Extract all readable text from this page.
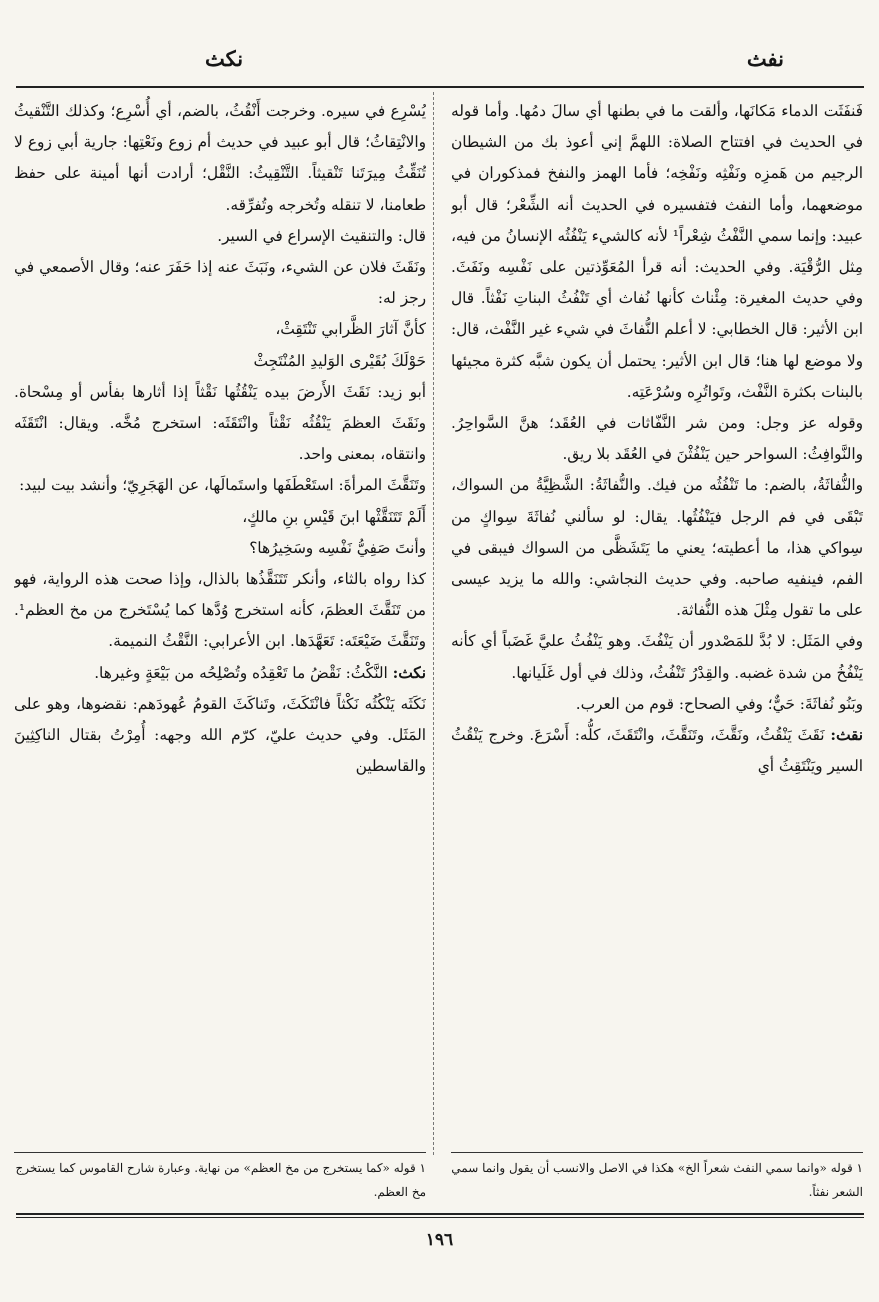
نفث
نكث

فَنفَثَت الدماء مَكانَها، وألقت ما في بطنها أي سالَ دمُها. وأما قوله في الحديث في افتتاح الصلاة: اللهمَّ إني أعوذ بك من الشيطان الرجيم من هَمزِه ونَفْثِه ونَفْخِه؛ فأما الهمز والنفخ فمذكوران في موضعهما، وأما النفث فتفسيره في الحديث أنه الشِّعْر؛ قال أبو عبيد: وإنما سمي النَّفْثُ شِعْراً¹ لأنه كالشيء يَنْفُثُه الإنسانُ من فيه، مِثل الرُّقْيَة. وفي الحديث: أنه قرأ المُعَوِّذتين على نَفْسِه ونَفَثَ. وفي حديث المغيرة: مِئْناث كأنها نُفاث أي تَنْفُثُ البناتِ نَفْثاً. قال ابن الأثير: قال الخطابي: لا أعلم النُّفاثَ في شيء غير النَّفْث، قال: ولا موضع لها هنا؛ قال ابن الأثير: يحتمل أن يكون شبَّه كثرة مجيئها بالبنات بكثرة النَّفْث، وتَواتُرِه وسُرْعَتِه.

وقوله عز وجل: ومن شر النَّفّاثات في العُقَد؛ هنَّ السَّواحِرُ. والنَّوافِثُ: السواحر حين يَنْفُثْنَ في العُقَد بلا ريق.

والنُّفاثَةُ، بالضم: ما تَنْفُثُه من فيك. والنُّفاثَةُ: الشَّظِيَّةُ من السواك، تَبْقَى في فم الرجل فيَنْفُثُها. يقال: لو سألني نُفاثَةَ سِواكٍ من سِواكي هذا، ما أعطيته؛ يعني ما يَتَشَظَّى من السواك فيبقى في الفم، فينفيه صاحبه. وفي حديث النجاشي: والله ما يزيد عيسى على ما تقول مِثْلَ هذه النُّفاثة.

وفي المَثَل: لا بُدَّ للمَصْدور أن يَنْفُثَ. وهو يَنْفُثُ عليَّ غَضَباً أي كأنه يَنْفُخُ من شدة غضبه. والقِدْرُ تَنْفُثُ، وذلك في أول غَلَيانها.

وبَنُو نُفاثَةَ: حَيٌّ؛ وفي الصحاح: قوم من العرب.

نقث: نَقَثَ يَنْقُثُ، ونَقَّثَ، وتَنَقَّثَ، وانْتَقَثَ، كلُّه: أَسْرَعَ. وخرج يَنْقُثُ السير ويَنْتَقِثُ أي

يُسْرِع في سيره. وخرجت أَنْقُثُ، بالضم، أي أُسْرِع؛ وكذلك التَّنْقيثُ والانْتِقاثُ؛ قال أبو عبيد في حديث أم زوع ونَعْتِها: جارية أبي زوع لا تُنَقِّثُ مِيرَتَنا تَنْقيثاً. التَّنْقِيثُ: النَّقْل؛ أرادت أنها أمينة على حفظ طعامنا، لا تنقله وتُخرجه وتُفرِّقه.

قال: والتنقيث الإسراع في السير.

ونَقَثَ فلان عن الشيء، ونَبَثَ عنه إذا حَفَرَ عنه؛ وقال الأصمعي في رجز له:

كأنَّ آثارَ الظَّرابي تَنْتَقِثْ،

حَوْلَكَ بُقَيْرى الوَليدِ المُنْتَجِثْ

أبو زيد: نَقَثَ الأَرضَ بيده يَنْقُثُها نَقْثاً إذا أثارها بفأس أو مِسْحاة. ونَقَثَ العظمَ يَنْقُثُه نَقْثاً وانْتَقَثَه: استخرج مُخَّه. ويقال: انْتَقَثَه وانتقاه، بمعنى واحد.

وتَنَقَّثَ المرأةَ: استَعْطَفَها واستَمالَها، عن الهَجَرِيّ؛ وأنشد بيت لبيد:

أَلَمْ تَتَنَقَّثْها ابنَ قَيْسِ بنِ مالكٍ،

وأنتَ صَفِيُّ نَفْسِه وسَخِيرُها؟

كذا رواه بالثاء، وأنكر تَتَنَقَّذُها بالذال، وإذا صحت هذه الرواية، فهو من تَنَقَّثَ العظمَ، كأنه استخرج وُدَّها كما يُسْتَخرج من مخ العظم¹. وتَنَقَّثَ ضَيْعَتَه: تَعَهَّدَها. ابن الأعرابي: النَّقْثُ النميمة.

نكث: النَّكْثُ: نَقْضُ ما تَعْقِدُه وتُصْلِحُه من بَيْعَةٍ وغيرها.

نَكَثَه يَنْكُثُه نَكْثاً فانْتَكَثَ، وتَناكَثَ القومُ عُهودَهم: نقضوها، وهو على المَثَل. وفي حديث عليّ، كرّم الله وجهه: أُمِرْتُ بقتال الناكِثِينَ والقاسطين

١ قوله «وانما سمي النفث شعراً الخ» هكذا في الاصل والانسب أن يقول وانما سمي الشعر نفثاً.
١ قوله «كما يستخرج من مخ العظم» من نهاية. وعبارة شارح القاموس كما يستخرج مخ العظم.
١٩٦
